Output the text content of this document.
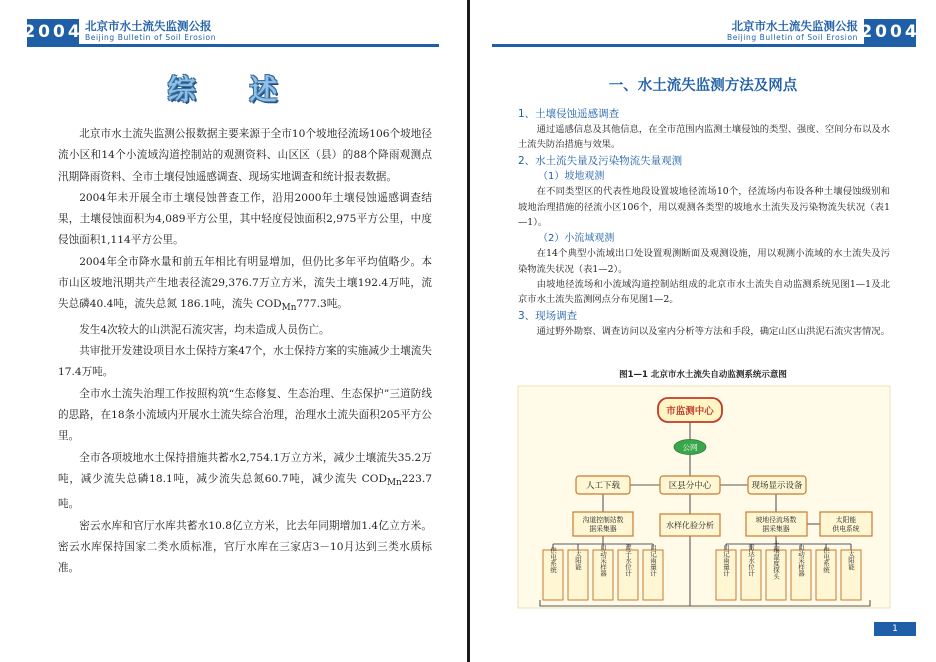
2004 北京市水土流失监测公报
Beijing Bulletin of Soil Erosion
综 述

北京市水土流失监测公报数据主要来源于全市10个坡地径流场106个坡地径流小区和14个小流域沟道控制站的观测资料、山区区（县）的88个降雨观测点汛期降雨资料、全市土壤侵蚀遥感调查、现场实地调查和统计报表数据。

2004年未开展全市土壤侵蚀普查工作，沿用2000年土壤侵蚀遥感调查结果，土壤侵蚀面积为4,089平方公里，其中轻度侵蚀面积2,975平方公里，中度侵蚀面积1,114平方公里。

2004年全市降水量和前五年相比有明显增加，但仍比多年平均值略少。本市山区坡地汛期共产生地表径流29,376.7万立方米，流失土壤192.4万吨，流失总磷40.4吨，流失总氮 186.1吨，流失 $COD_{Mn}777.3$吨。

发生4次较大的山洪泥石流灾害，均未造成人员伤亡。

共审批开发建设项目水土保持方案47个，水土保持方案的实施减少土壤流失17.4万吨。

全市水土流失治理工作按照构筑“生态修复、生态治理、生态保护”三道防线的思路，在18条小流域内开展水土流失综合治理，治理水土流失面积205平方公里。

全市各项坡地水土保持措施共蓄水2,754.1万立方米，减少土壤流失35.2万吨，减少流失总磷18.1吨，减少流失总氮60.7吨，减少流失 $COD_{Mn}223.7$吨。

密云水库和官厅水库共蓄水10.8亿立方米，比去年同期增加1.4亿立方米。密云水库保持国家二类水质标准，官厅水库在三家店3－10月达到三类水质标准。

北京市水土流失监测公报
Beijing Bulletin of Soil Erosion 2004
一、水土流失监测方法及网点

1、土壤侵蚀遥感调查

通过遥感信息及其他信息，在全市范围内监测土壤侵蚀的类型、强度、空间分布以及水土流失防治措施与效果。

2、水土流失量及污染物流失量观测

（1）坡地观测

在不同类型区的代表性地段设置坡地径流场10个，径流场内布设各种土壤侵蚀级别和坡地治理措施的径流小区106个，用以观测各类型的坡地水土流失及污染物流失状况（表1—1）。

（2）小流域观测

在14个典型小流域出口处设置观测断面及观测设施，用以观测小流域的水土流失及污染物流失状况（表1—2）。

由坡地径流场和小流域沟道控制站组成的北京市水土流失自动监测系统见图1—1及北京市水土流失监测网点分布见图1—2。

3、现场调查

通过野外勘察、调查访问以及室内分析等方法和手段，确定山区山洪泥石流灾害情况。

图1—1 北京市水土流失自动监测系统示意图
市监测中心
公网
区县分中心
人工下载	现场显示设备
沟道控制站数
据采集器	水样化验分析
坡地径流场数
据采集器
太阳能
供电系统
供电系统	太阳能	自动采样器	浮子水位计	自记雨量计	自记雨量计	雷达水位计	土壤湿度探头	自动采样器	供电系统	太阳能
1
